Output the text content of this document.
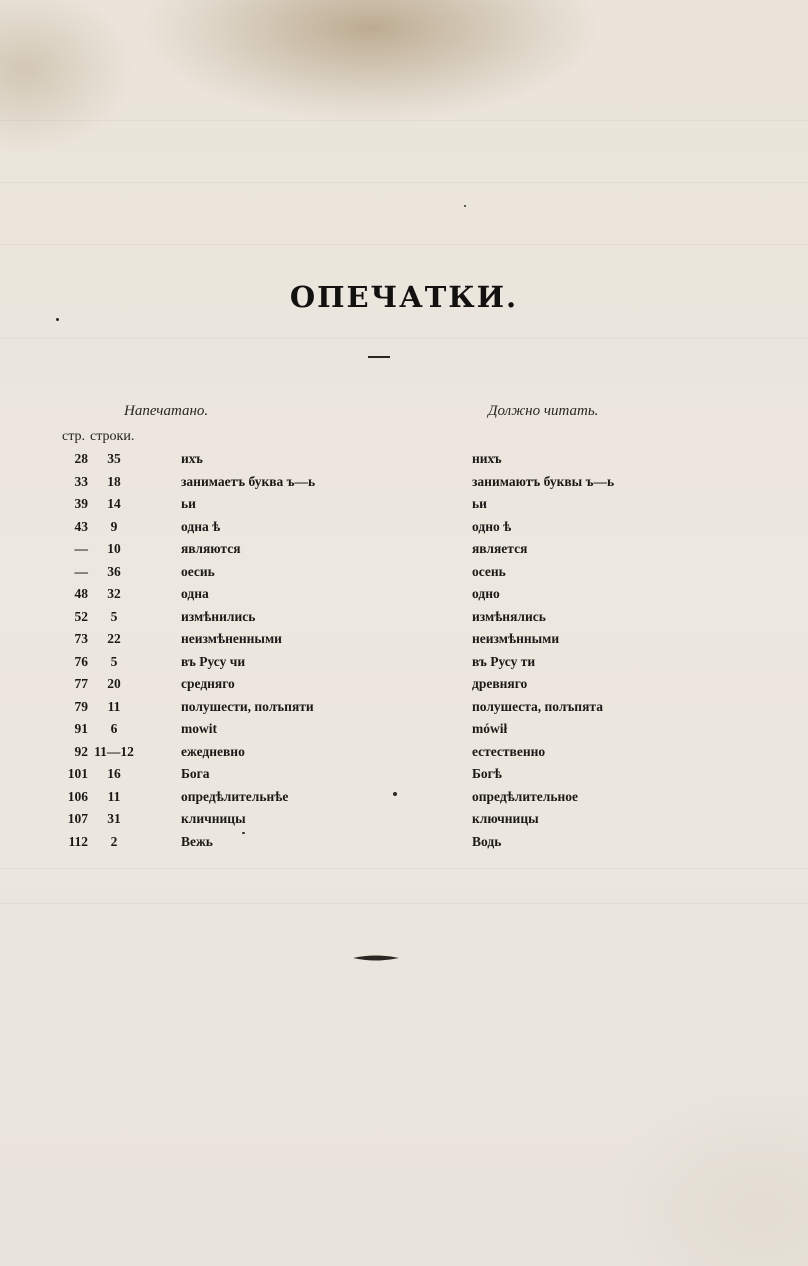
ОПЕЧАТКИ.
Напечатано.	Должно читать.
стр. строки.
28	35	ихъ	нихъ
33	18	занимаетъ буква ъ—ь	занимаютъ буквы ъ—ь
39	14	ьи	ьи
43	9	одна ѣ	одно ѣ
—	10	являются	является
—	36	оесиь	осень
48	32	одна	одно
52	5	измѣнились	измѣнялись
73	22	неизмѣненными	неизмѣнными
76	5	въ Русу чи	въ Русу ти
77	20	средняго	древняго
79	11	полушести, полъпяти	полушеста, полъпята
91	6	mowit	mówił
92 11—12	ежедневно	естественно
101	16	Бога	Богѣ
106	11	опредѣлительнѣе	опредѣлительное
107	31	кличницы	ключницы
112	2	Вежь	Водь
